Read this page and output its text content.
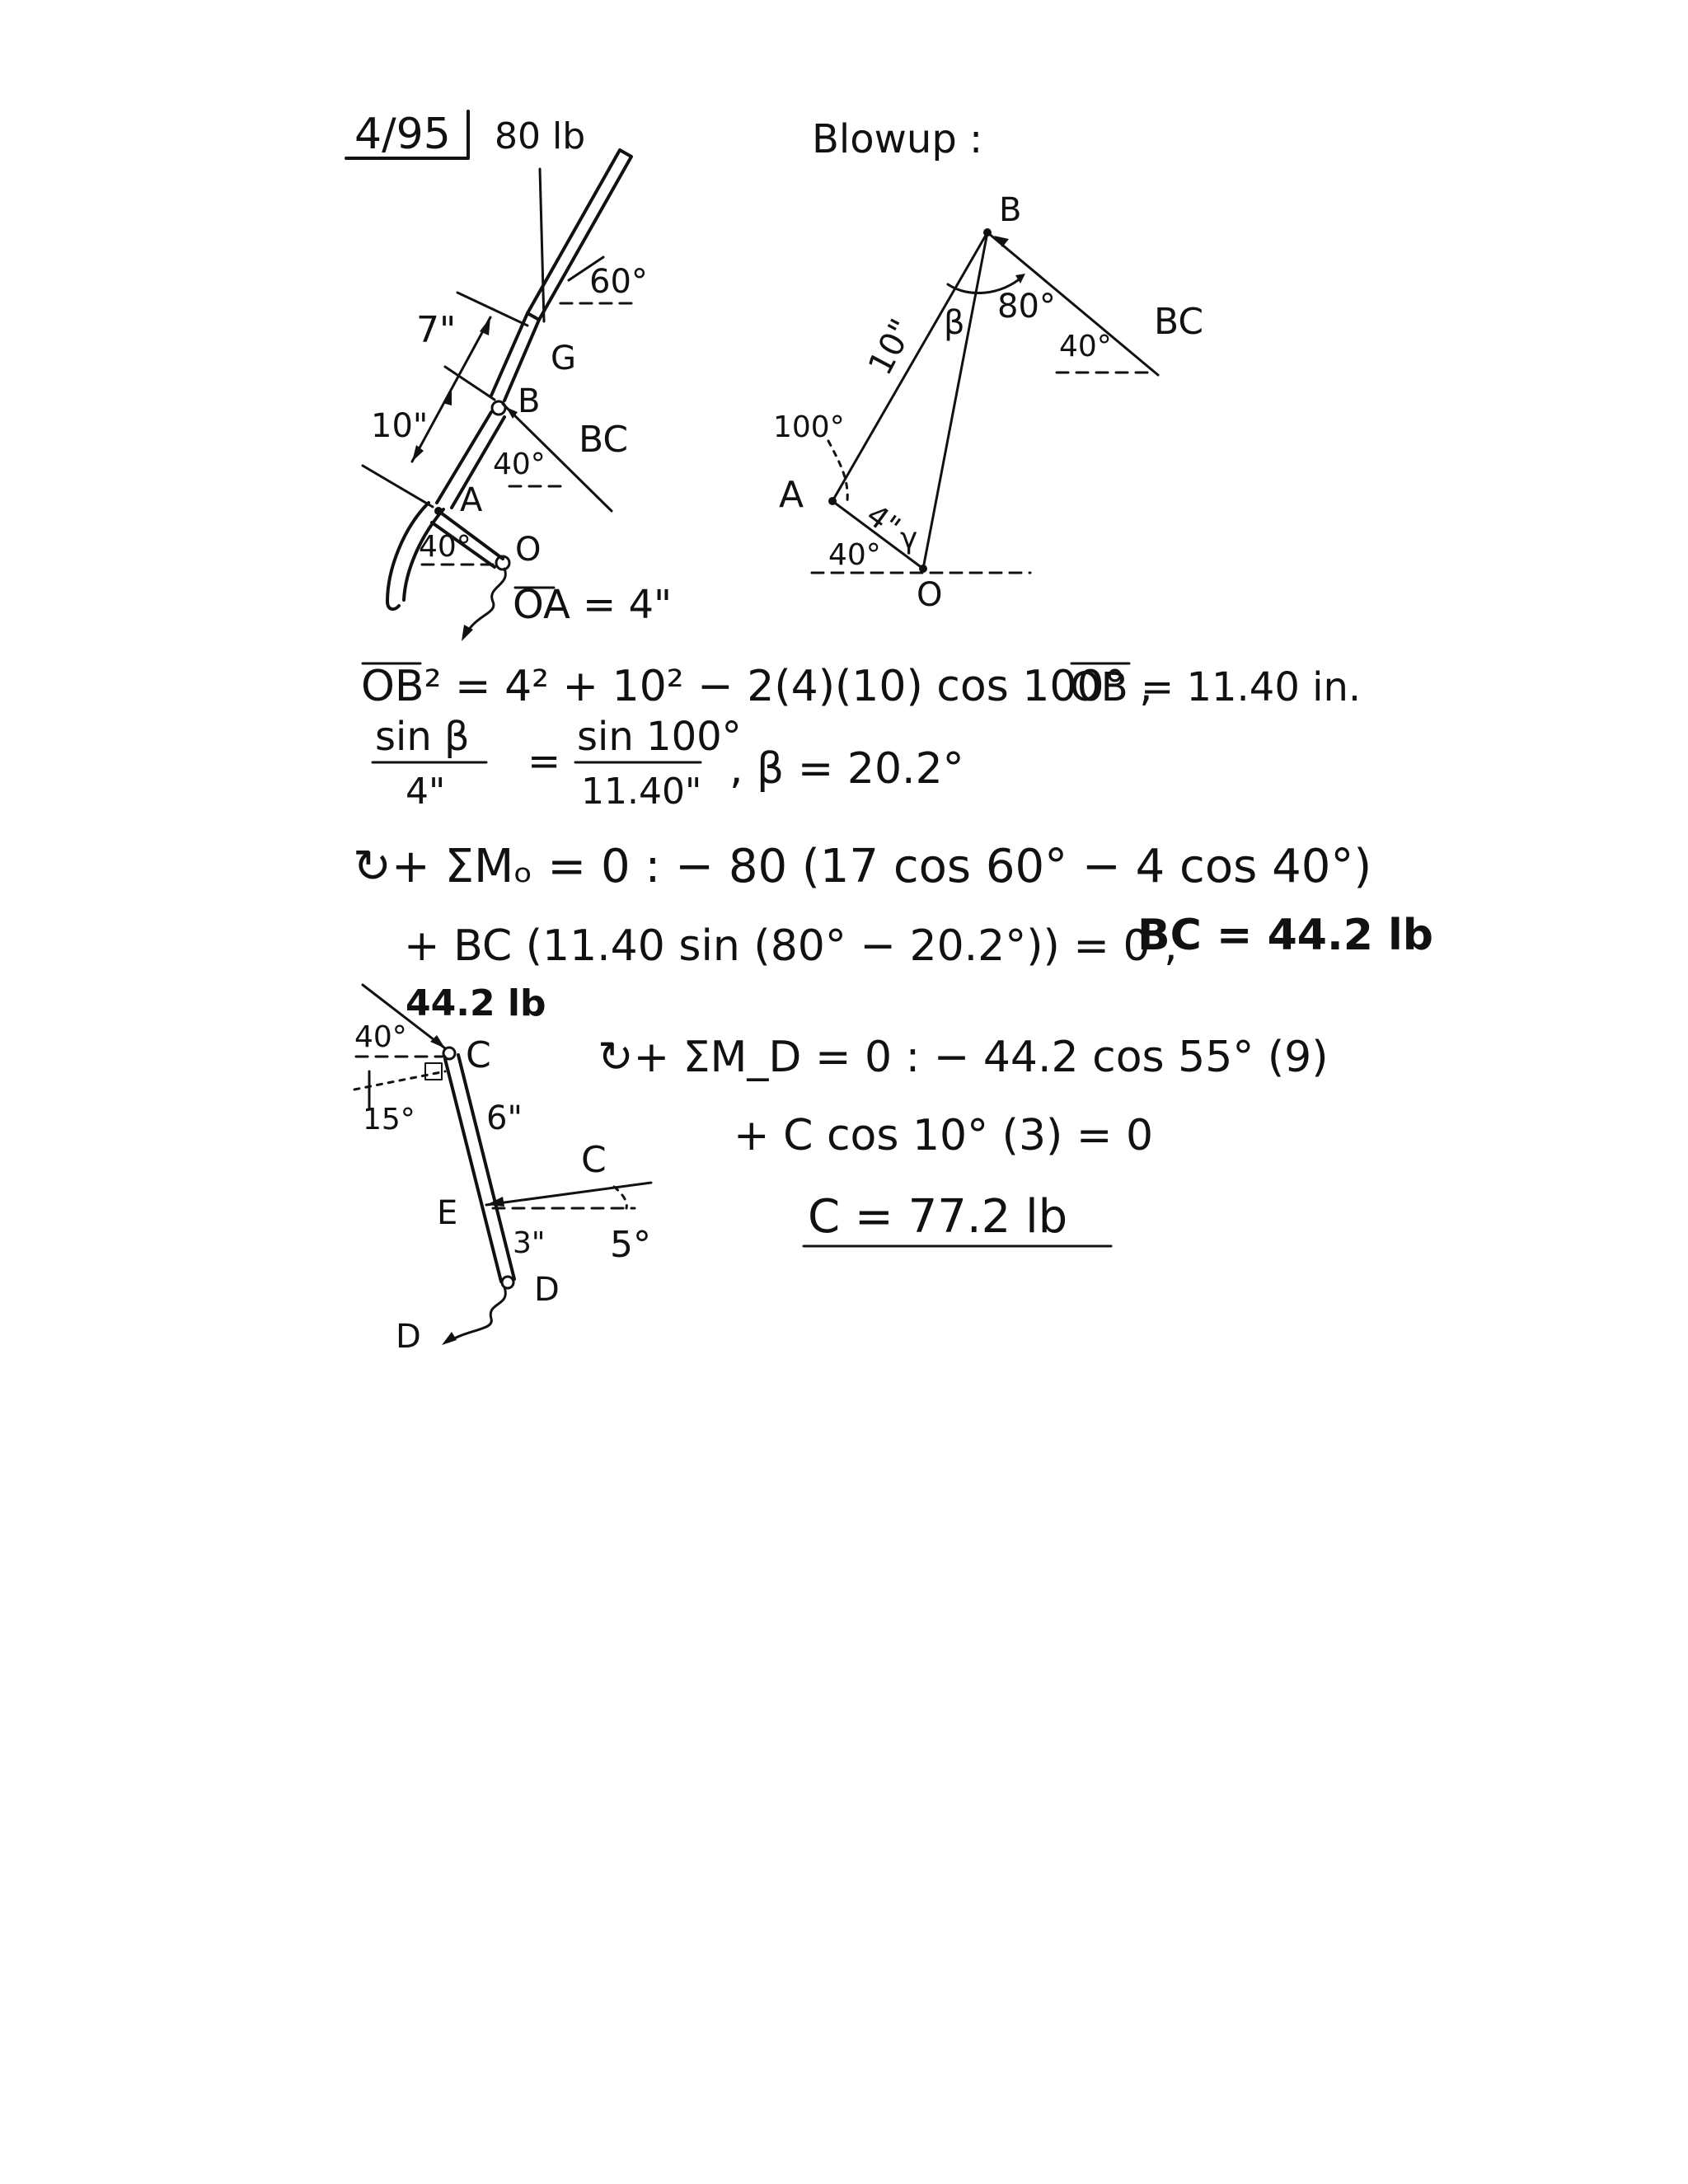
4/95 80 lb
60°
7"
10"
G
B
BC
40°
A
40° O
OA = 4"
Blowup :
B
80°
β	BC
40°
10"
100°
A
4"
γ
40°
O
OB² = 4² + 10² − 2(4)(10) cos 100° ,
OB = 11.40 in.
sin β
4"
=
sin 100°
11.40" , β = 20.2°
↻+ ΣMₒ = 0 : − 80 (17 cos 60° − 4 cos 40°)
+ BC (11.40 sin (80° − 20.2°)) = 0 ,
BC = 44.2 lb
44.2 lb
40° C
15° 6"
C
E
3" 5°
D
D
↻+ ΣM_D = 0 : − 44.2 cos 55° (9)
+ C cos 10° (3) = 0
C = 77.2 lb
